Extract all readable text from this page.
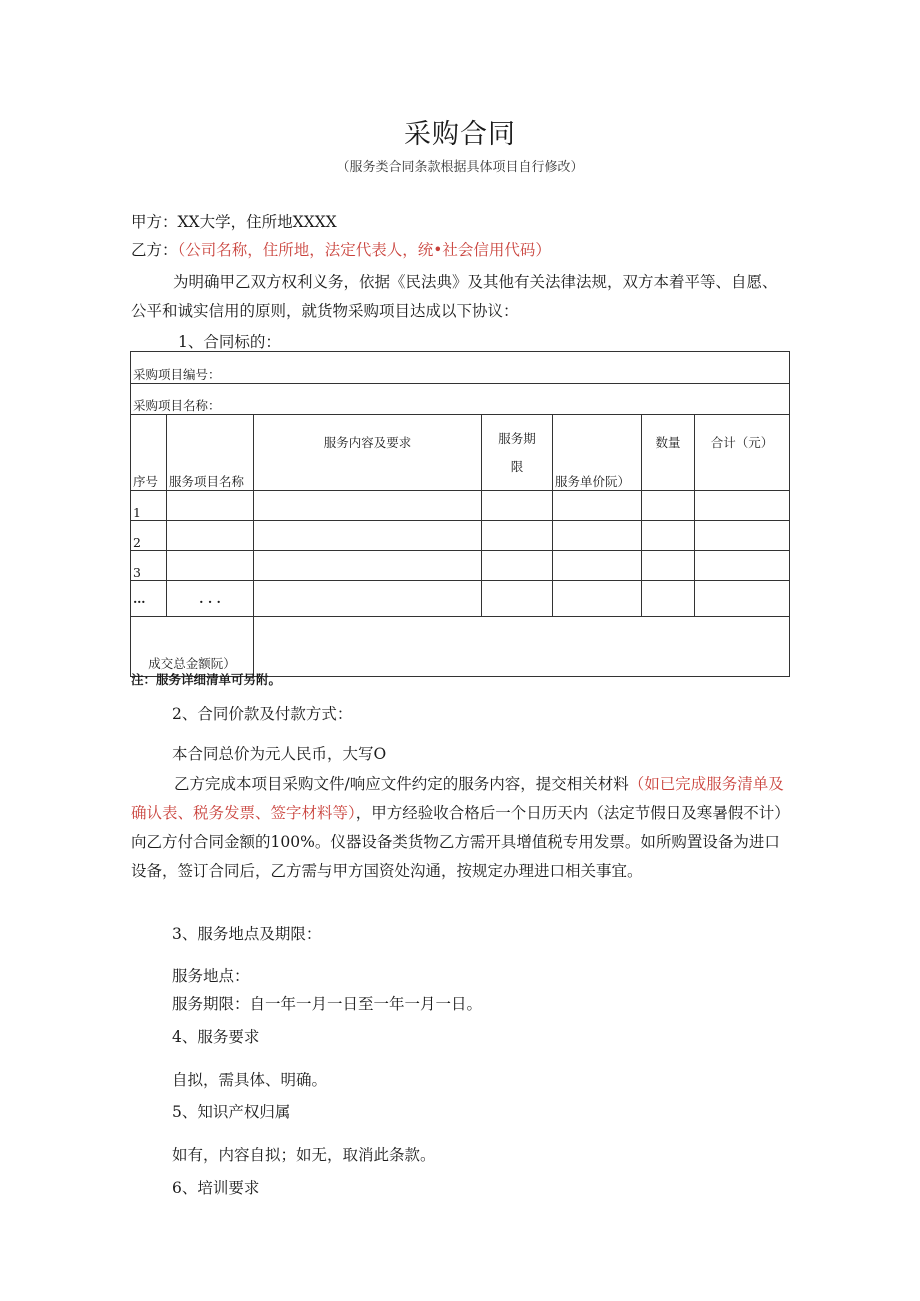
采购合同
（服务类合同条款根据具体项目自行修改）
甲方：XX大学，住所地XXXX
乙方：（公司名称，住所地，法定代表人，统•社会信用代码）
为明确甲乙双方权利义务，依据《民法典》及其他有关法律法规，双方本着平等、自愿、公平和诚实信用的原则，就货物采购项目达成以下协议：
1、合同标的：
采购项目编号：						
采购项目名称：						
序号	服务项目名称	服务内容及要求	服务期限	服务单价阮）	数量	合计（元）
1						
2						
3						
…	. . .					
成交总金额阮）						
注：服务详细清单可另附。
2、合同价款及付款方式：
本合同总价为元人民币，大写O
乙方完成本项目采购文件/响应文件约定的服务内容，提交相关材料（如已完成服务清单及确认表、税务发票、签字材料等），甲方经验收合格后一个日历天内（法定节假日及寒暑假不计）向乙方付合同金额的100%。仪器设备类货物乙方需开具增值税专用发票。如所购置设备为进口设备，签订合同后，乙方需与甲方国资处沟通，按规定办理进口相关事宜。
3、服务地点及期限：
服务地点：
服务期限：自一年一月一日至一年一月一日。
4、服务要求
自拟，需具体、明确。
5、知识产权归属
如有，内容自拟；如无，取消此条款。
6、培训要求
